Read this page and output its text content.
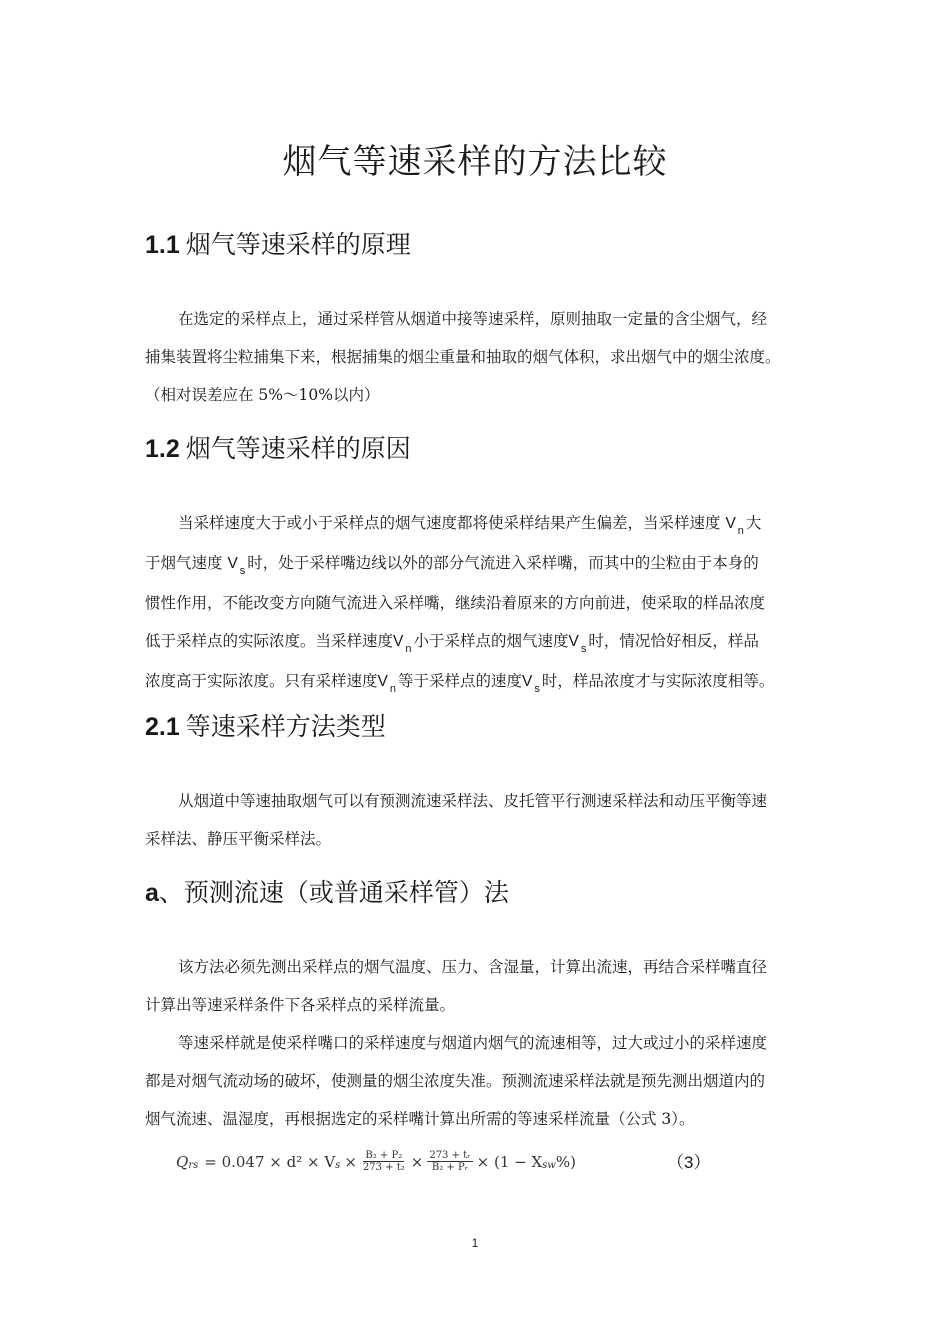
烟气等速采样的方法比较
1.1 烟气等速采样的原理
在选定的采样点上，通过采样管从烟道中接等速采样，原则抽取一定量的含尘烟气，经
捕集装置将尘粒捕集下来，根据捕集的烟尘重量和抽取的烟气体积，求出烟气中的烟尘浓度。
（相对误差应在 5%～10%以内）
1.2 烟气等速采样的原因
当采样速度大于或小于采样点的烟气速度都将使采样结果产生偏差，当采样速度 V $_n$ 大
于烟气速度 V $_s$ 时，处于采样嘴边线以外的部分气流进入采样嘴，而其中的尘粒由于本身的
惯性作用，不能改变方向随气流进入采样嘴，继续沿着原来的方向前进，使采取的样品浓度
低于采样点的实际浓度。当采样速度V $_n$ 小于采样点的烟气速度V $_s$ 时，情况恰好相反，样品
浓度高于实际浓度。只有采样速度V $_n$ 等于采样点的速度V $_s$ 时，样品浓度才与实际浓度相等。
2.1 等速采样方法类型
从烟道中等速抽取烟气可以有预测流速采样法、皮托管平行测速采样法和动压平衡等速
采样法、静压平衡采样法。
a、预测流速（或普通采样管）法
该方法必须先测出采样点的烟气温度、压力、含湿量，计算出流速，再结合采样嘴直径
计算出等速采样条件下各采样点的采样流量。
等速采样就是使采样嘴口的采样速度与烟道内烟气的流速相等，过大或过小的采样速度
都是对烟气流动场的破坏，使测量的烟尘浓度失准。预测流速采样法就是预先测出烟道内的
烟气流速、温湿度，再根据选定的采样嘴计算出所需的等速采样流量（公式 3）。
Q rs = 0.047 × d² × V $s \times \frac{\text{B₂ + P₂}}{\text{273 + t₂}} \times \frac{\text{273 + tᵣ}}{\text{B₂ + Pᵣ}} \times (1 - X$ sw %)	（3）
1
